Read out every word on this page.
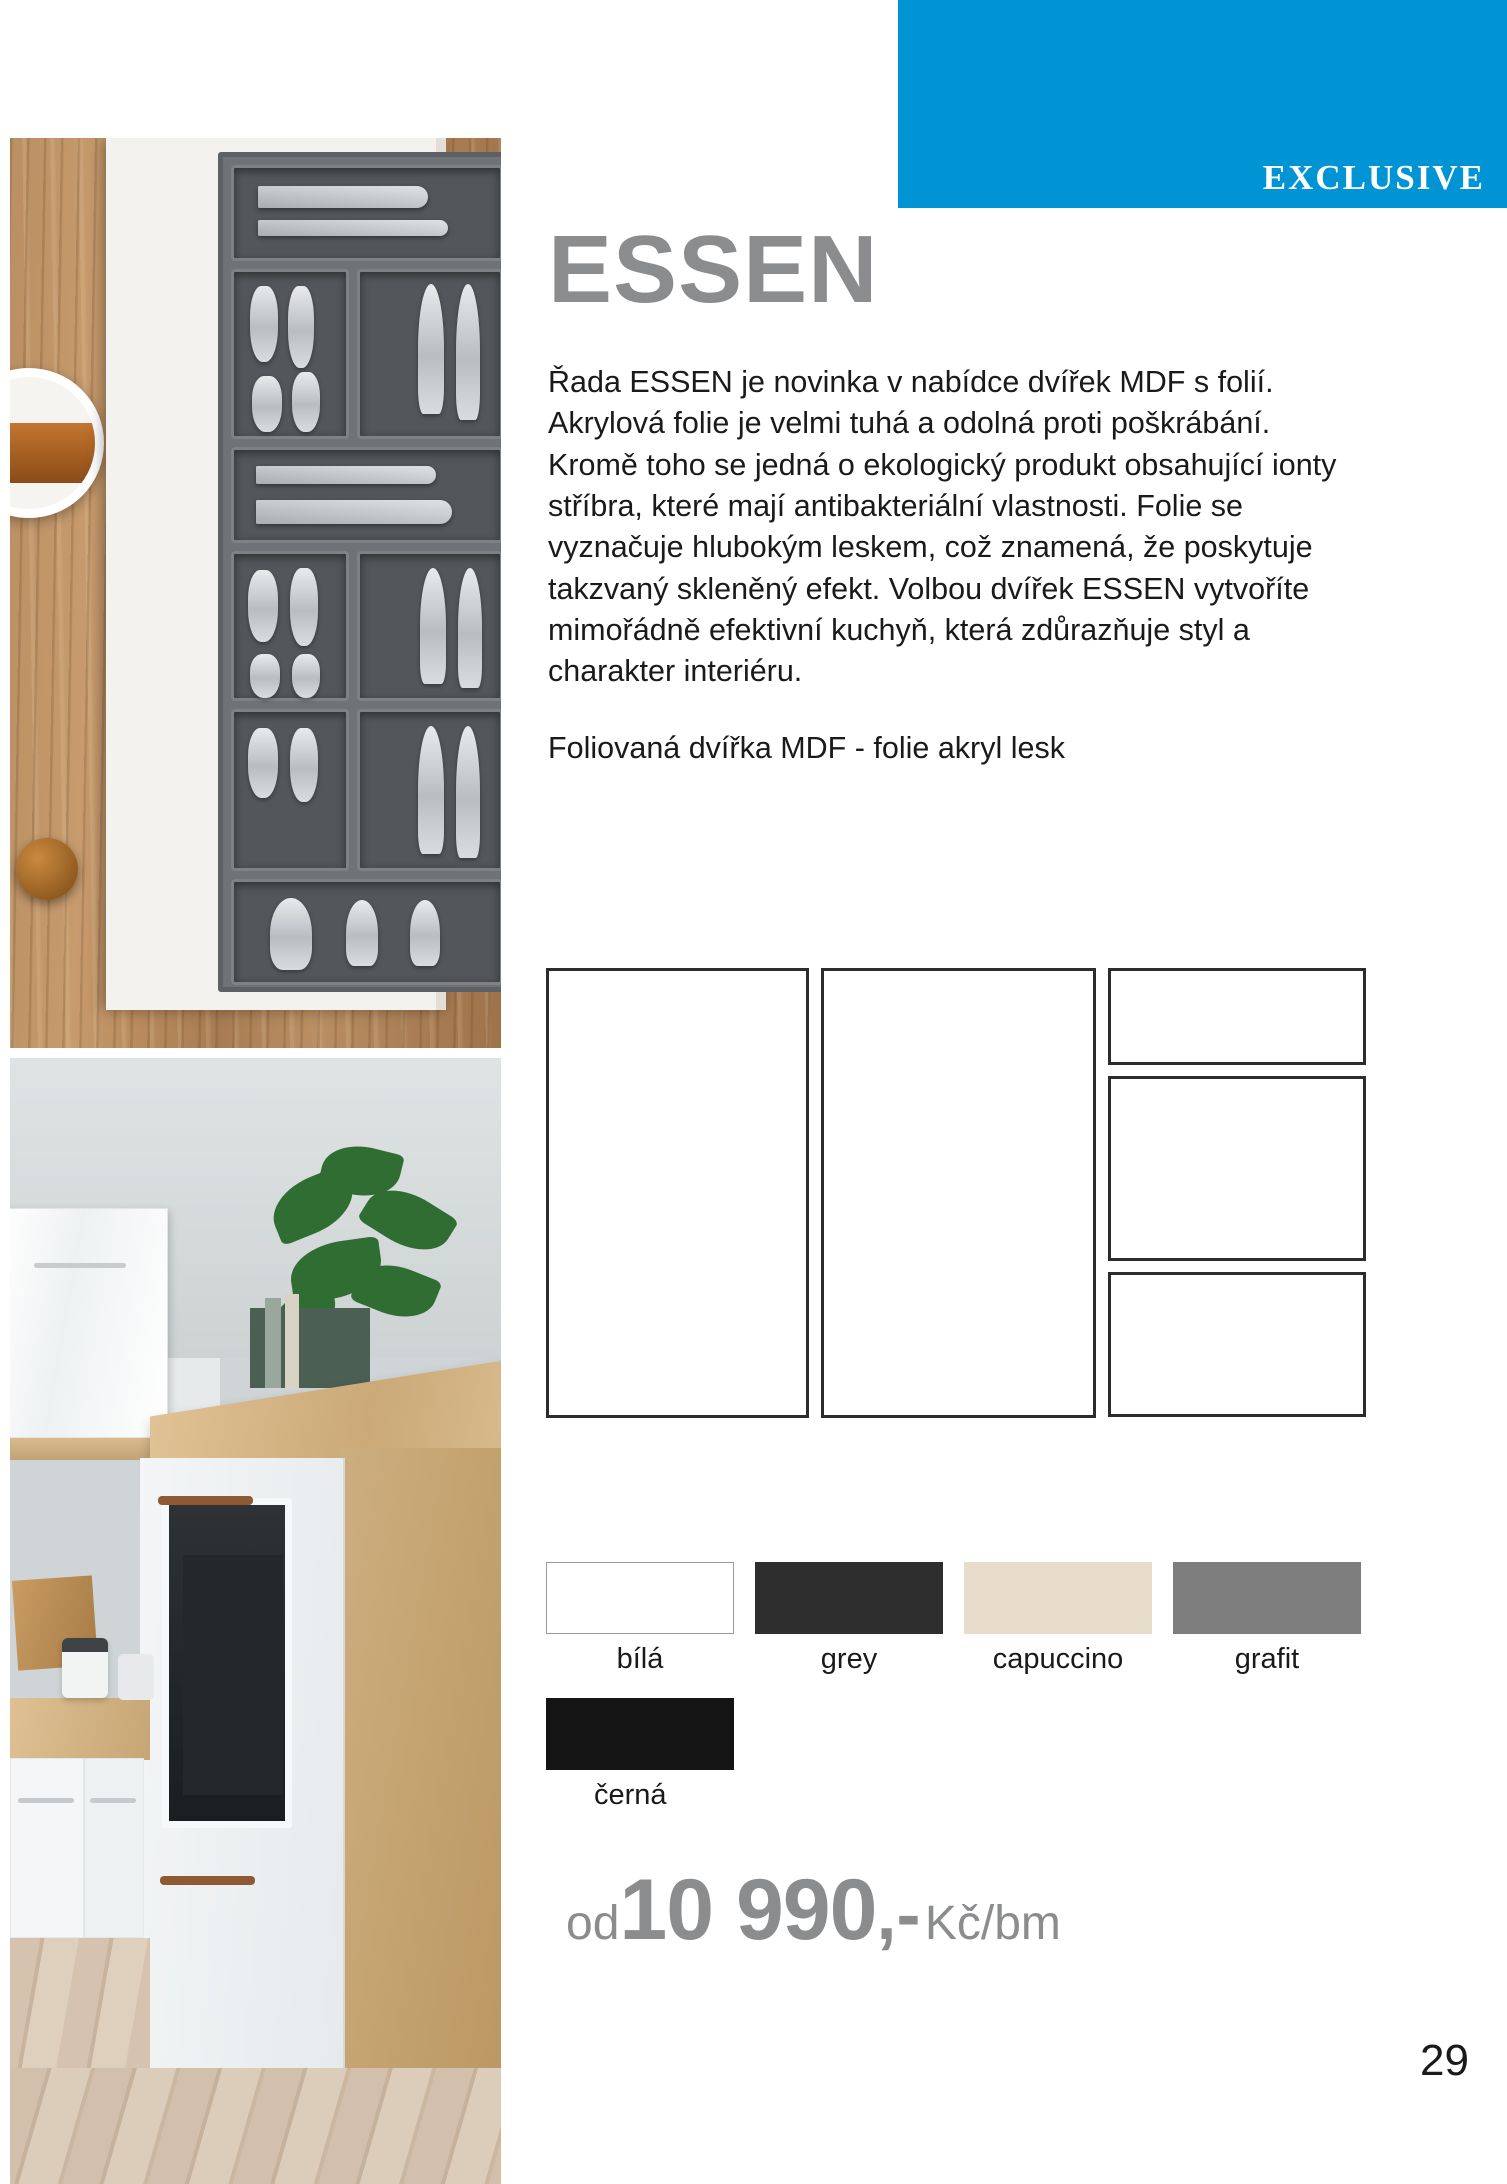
EXCLUSIVE
ESSEN

Řada ESSEN je novinka v nabídce dvířek MDF s folií. Akrylová folie je velmi tuhá a odolná proti poškrábání. Kromě toho se jedná o ekologický produkt obsahující ionty stříbra, které mají antibakteriální vlastnosti. Folie se vyznačuje hlubokým leskem, což znamená, že poskytuje takzvaný skleněný efekt. Volbou dvířek ESSEN vytvoříte mimořádně efektivní kuchyň, která zdůrazňuje styl a charakter interiéru.

Foliovaná dvířka MDF - folie akryl lesk

bílá	grey	capuccino	grafit
černá
od10 990,- Kč/bm
29
